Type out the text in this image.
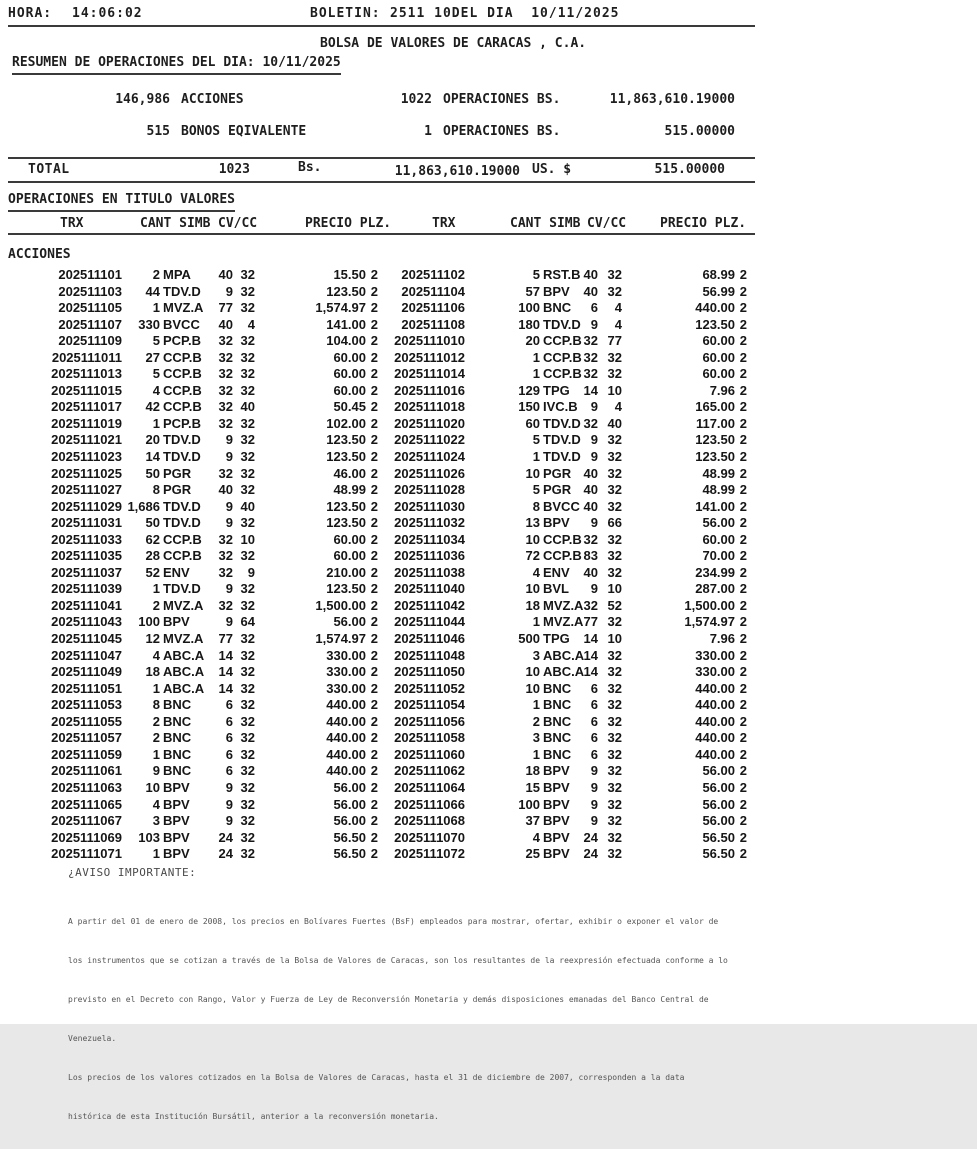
HORA: 14:06:02	BOLETIN: 2511 10DEL DIA  10/11/2025
BOLSA DE VALORES DE CARACAS , C.A.
RESUMEN DE OPERACIONES DEL DIA: 10/11/2025
146,986 ACCIONES	1022 OPERACIONES BS.	11,863,610.19000
515 BONOS EQIVALENTE	1 OPERACIONES BS.	515.00000
TOTAL	1023	Bs.	11,863,610.19000 US. $	515.00000
OPERACIONES EN TITULO VALORES
TRX	CANT SIMB CV/CC	PRECIO PLZ.	TRX	CANT SIMB CV/CC	PRECIO PLZ.
ACCIONES
202511101	2 MPA	40 32	15.50 2	202511102	5 RST.B 40 32	68.99 2
202511103	44 TDV.D	9 32	123.50 2	202511104	57 BPV	40 32	56.99 2
202511105	1 MVZ.A	77 32	1,574.97 2	202511106	100 BNC	6	4	440.00 2
202511107	330 BVCC	40	4	141.00 2	202511108	180 TDV.D 9	4	123.50 2
202511109	5 PCP.B	32 32	104.00 2	2025111010	20 CCP.B 32 77	60.00 2
2025111011	27 CCP.B	32 32	60.00 2	2025111012	1 CCP.B 32 32	60.00 2
2025111013	5 CCP.B	32 32	60.00 2	2025111014	1 CCP.B 32 32	60.00 2
2025111015	4 CCP.B	32 32	60.00 2	2025111016	129 TPG	14 10	7.96 2
2025111017	42 CCP.B	32 40	50.45 2	2025111018	150 IVC.B	9	4	165.00 2
2025111019	1 PCP.B	32 32	102.00 2	2025111020	60 TDV.D 32 40	117.00 2
2025111021	20 TDV.D	9 32	123.50 2	2025111022	5 TDV.D 9 32	123.50 2
2025111023	14 TDV.D	9 32	123.50 2	2025111024	1 TDV.D 9 32	123.50 2
2025111025	50 PGR	32 32	46.00 2	2025111026	10 PGR 40 32	48.99 2
2025111027	8 PGR	40 32	48.99 2	2025111028	5 PGR 40 32	48.99 2
2025111029 1,686 TDV.D	9 40	123.50 2	2025111030	8 BVCC 40 32	141.00 2
2025111031	50 TDV.D	9 32	123.50 2	2025111032	13 BPV	9 66	56.00 2
2025111033	62 CCP.B	32 10	60.00 2	2025111034	10 CCP.B 32 32	60.00 2
2025111035	28 CCP.B	32 32	60.00 2	2025111036	72 CCP.B 83 32	70.00 2
2025111037	52 ENV	32	9	210.00 2	2025111038	4 ENV	40 32	234.99 2
2025111039	1 TDV.D	9 32	123.50 2	2025111040	10 BVL	9 10	287.00 2
2025111041	2 MVZ.A	32 32	1,500.00 2	2025111042	18 MVZ.A 32 52	1,500.00 2
2025111043	100 BPV	9 64	56.00 2	2025111044	1 MVZ.A 77 32	1,574.97 2
2025111045	12 MVZ.A	77 32	1,574.97 2	2025111046	500 TPG	14 10	7.96 2
2025111047	4 ABC.A	14 32	330.00 2	2025111048	3 ABC.A 14 32	330.00 2
2025111049	18 ABC.A	14 32	330.00 2	2025111050	10 ABC.A 14 32	330.00 2
2025111051	1 ABC.A	14 32	330.00 2	2025111052	10 BNC	6 32	440.00 2
2025111053	8 BNC	6 32	440.00 2	2025111054	1 BNC	6 32	440.00 2
2025111055	2 BNC	6 32	440.00 2	2025111056	2 BNC	6 32	440.00 2
2025111057	2 BNC	6 32	440.00 2	2025111058	3 BNC	6 32	440.00 2
2025111059	1 BNC	6 32	440.00 2	2025111060	1 BNC	6 32	440.00 2
2025111061	9 BNC	6 32	440.00 2	2025111062	18 BPV	9 32	56.00 2
2025111063	10 BPV	9 32	56.00 2	2025111064	15 BPV	9 32	56.00 2
2025111065	4 BPV	9 32	56.00 2	2025111066	100 BPV	9 32	56.00 2
2025111067	3 BPV	9 32	56.00 2	2025111068	37 BPV	9 32	56.00 2
2025111069	103 BPV	24 32	56.50 2	2025111070	4 BPV	24 32	56.50 2
2025111071	1 BPV	24 32	56.50 2	2025111072	25 BPV	24 32	56.50 2
¿AVISO IMPORTANTE:

A partir del 01 de enero de 2008, los precios en Bolívares Fuertes (BsF) empleados para mostrar, ofertar, exhibir o exponer el valor de

los instrumentos que se cotizan a través de la Bolsa de Valores de Caracas, son los resultantes de la reexpresión efectuada conforme a lo

previsto en el Decreto con Rango, Valor y Fuerza de Ley de Reconversión Monetaria y demás disposiciones emanadas del Banco Central de

Venezuela.

Los precios de los valores cotizados en la Bolsa de Valores de Caracas, hasta el 31 de diciembre de 2007, corresponden a la data

histórica de esta Institución Bursátil, anterior a la reconversión monetaria.
